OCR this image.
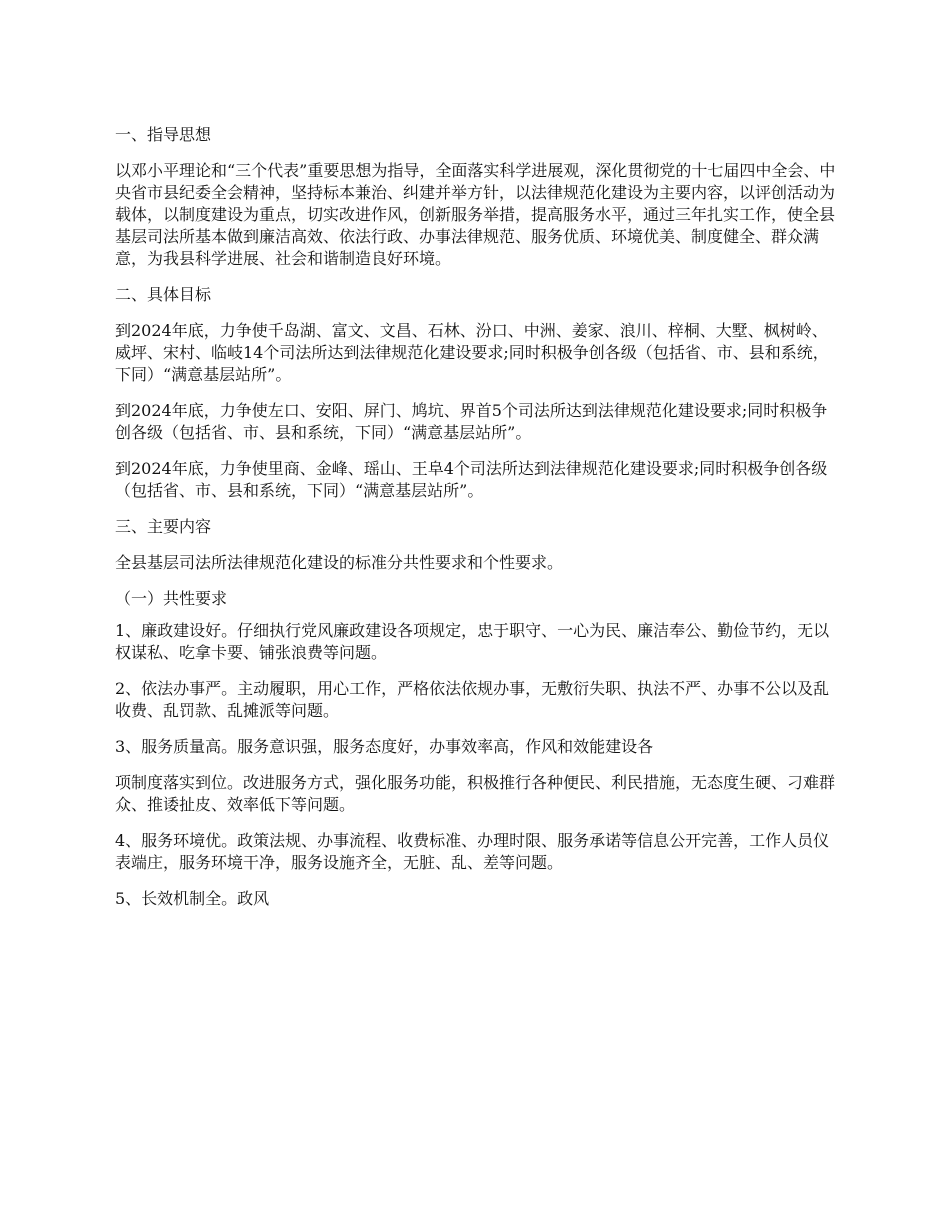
一、指导思想

以邓小平理论和“三个代表”重要思想为指导，全面落实科学进展观，深化贯彻党的十七届四中全会、中央省市县纪委全会精神，坚持标本兼治、纠建并举方针，以法律规范化建设为主要内容，以评创活动为载体，以制度建设为重点，切实改进作风，创新服务举措，提高服务水平，通过三年扎实工作，使全县基层司法所基本做到廉洁高效、依法行政、办事法律规范、服务优质、环境优美、制度健全、群众满意，为我县科学进展、社会和谐制造良好环境。

二、具体目标

到2024年底，力争使千岛湖、富文、文昌、石林、汾口、中洲、姜家、浪川、梓桐、大墅、枫树岭、威坪、宋村、临岐14个司法所达到法律规范化建设要求;同时积极争创各级（包括省、市、县和系统，下同）“满意基层站所”。

到2024年底，力争使左口、安阳、屏门、鸠坑、界首5个司法所达到法律规范化建设要求;同时积极争创各级（包括省、市、县和系统，下同）“满意基层站所”。

到2024年底，力争使里商、金峰、瑶山、王阜4个司法所达到法律规范化建设要求;同时积极争创各级（包括省、市、县和系统，下同）“满意基层站所”。

三、主要内容

全县基层司法所法律规范化建设的标准分共性要求和个性要求。

（一）共性要求

1、廉政建设好。仔细执行党风廉政建设各项规定，忠于职守、一心为民、廉洁奉公、勤俭节约，无以权谋私、吃拿卡要、铺张浪费等问题。

2、依法办事严。主动履职，用心工作，严格依法依规办事，无敷衍失职、执法不严、办事不公以及乱收费、乱罚款、乱摊派等问题。

3、服务质量高。服务意识强，服务态度好，办事效率高，作风和效能建设各

项制度落实到位。改进服务方式，强化服务功能，积极推行各种便民、利民措施，无态度生硬、刁难群众、推诿扯皮、效率低下等问题。

4、服务环境优。政策法规、办事流程、收费标准、办理时限、服务承诺等信息公开完善，工作人员仪表端庄，服务环境干净，服务设施齐全，无脏、乱、差等问题。

5、长效机制全。政风
